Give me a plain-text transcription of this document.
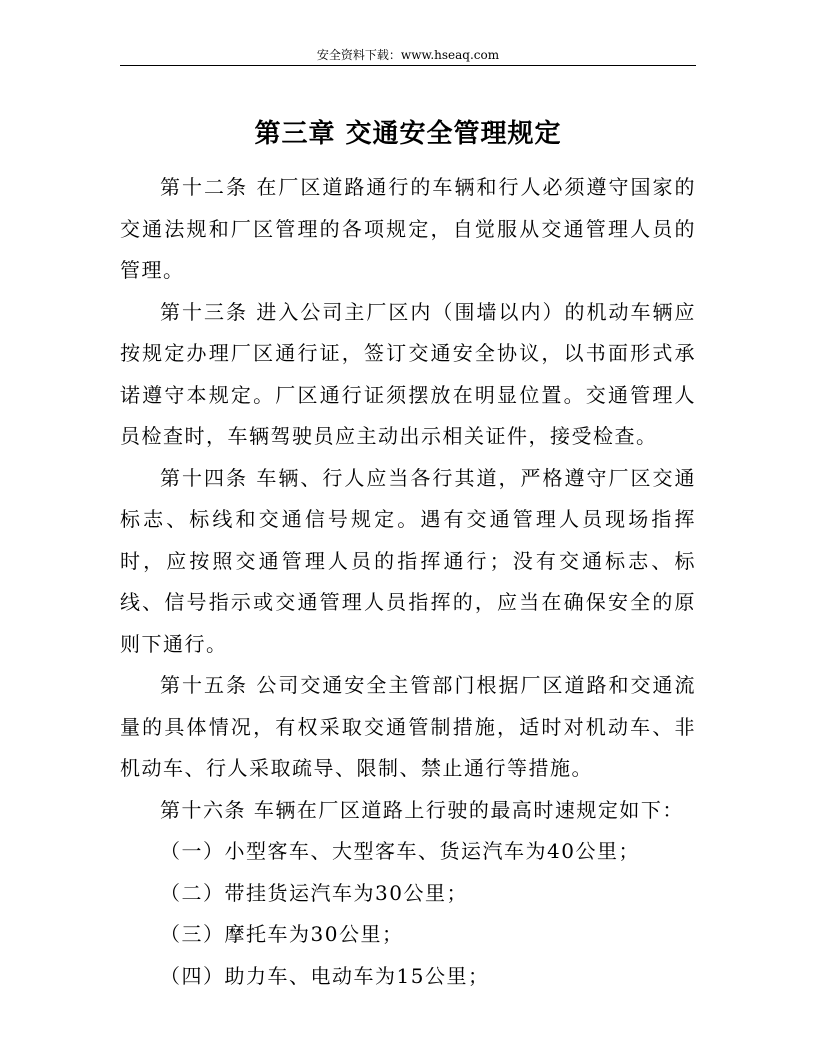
安全资料下载：www.hseaq.com
第三章 交通安全管理规定

第十二条 在厂区道路通行的车辆和行人必须遵守国家的交通法规和厂区管理的各项规定，自觉服从交通管理人员的管理。

第十三条 进入公司主厂区内（围墙以内）的机动车辆应按规定办理厂区通行证，签订交通安全协议，以书面形式承诺遵守本规定。厂区通行证须摆放在明显位置。交通管理人员检查时，车辆驾驶员应主动出示相关证件，接受检查。

第十四条 车辆、行人应当各行其道，严格遵守厂区交通标志、标线和交通信号规定。遇有交通管理人员现场指挥时，应按照交通管理人员的指挥通行；没有交通标志、标线、信号指示或交通管理人员指挥的，应当在确保安全的原则下通行。

第十五条 公司交通安全主管部门根据厂区道路和交通流量的具体情况，有权采取交通管制措施，适时对机动车、非机动车、行人采取疏导、限制、禁止通行等措施。

第十六条 车辆在厂区道路上行驶的最高时速规定如下：

（一）小型客车、大型客车、货运汽车为40公里；

（二）带挂货运汽车为30公里；

（三）摩托车为30公里；

（四）助力车、电动车为15公里；
